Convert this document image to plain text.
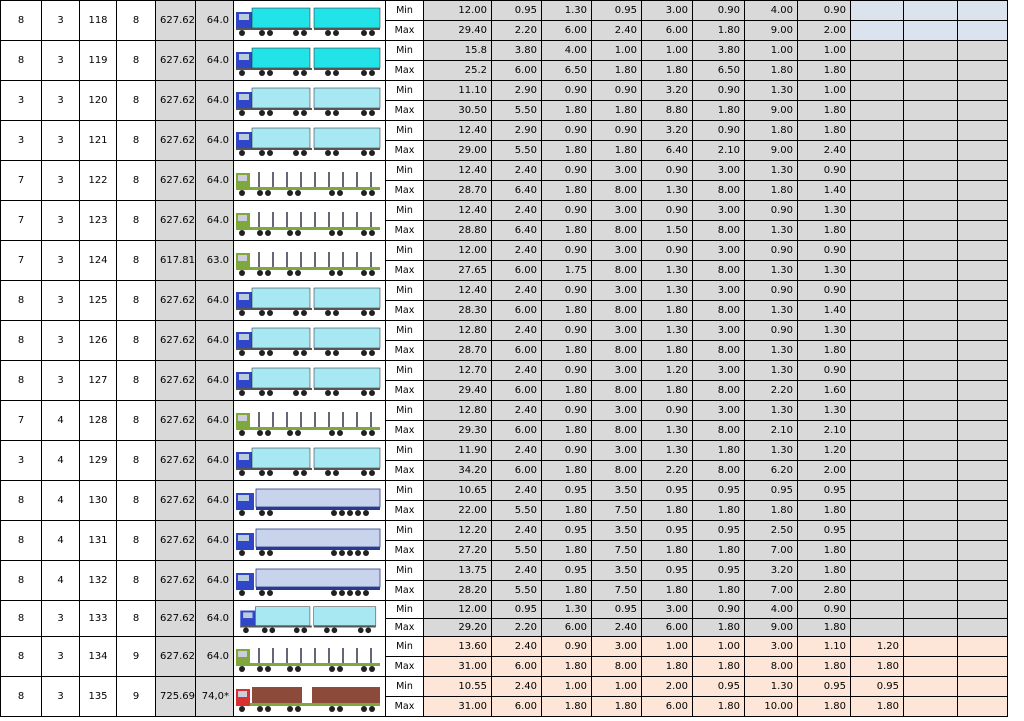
8	3	118	8	627.62	64.0		Min	12.00	0.95	1.30	0.95	3.00	0.90	4.00	0.90			
							Max	29.40	2.20	6.00	2.40	6.00	1.80	9.00	2.00			
8	3	119	8	627.62	64.0		Min	15.8	3.80	4.00	1.00	1.00	3.80	1.00	1.00			
							Max	25.2	6.00	6.50	1.80	1.80	6.50	1.80	1.80			
3	3	120	8	627.62	64.0		Min	11.10	2.90	0.90	0.90	3.20	0.90	1.30	1.00			
							Max	30.50	5.50	1.80	1.80	8.80	1.80	9.00	1.80			
3	3	121	8	627.62	64.0		Min	12.40	2.90	0.90	0.90	3.20	0.90	1.80	1.80			
							Max	29.00	5.50	1.80	1.80	6.40	2.10	9.00	2.40			
7	3	122	8	627.62	64.0		Min	12.40	2.40	0.90	3.00	0.90	3.00	1.30	0.90			
							Max	28.70	6.40	1.80	8.00	1.30	8.00	1.80	1.40			
7	3	123	8	627.62	64.0		Min	12.40	2.40	0.90	3.00	0.90	3.00	0.90	1.30			
							Max	28.80	6.40	1.80	8.00	1.50	8.00	1.30	1.80			
7	3	124	8	617.81	63.0		Min	12.00	2.40	0.90	3.00	0.90	3.00	0.90	0.90			
							Max	27.65	6.00	1.75	8.00	1.30	8.00	1.30	1.30			
8	3	125	8	627.62	64.0		Min	12.40	2.40	0.90	3.00	1.30	3.00	0.90	0.90			
							Max	28.30	6.00	1.80	8.00	1.80	8.00	1.30	1.40			
8	3	126	8	627.62	64.0		Min	12.80	2.40	0.90	3.00	1.30	3.00	0.90	1.30			
							Max	28.70	6.00	1.80	8.00	1.80	8.00	1.30	1.80			
8	3	127	8	627.62	64.0		Min	12.70	2.40	0.90	3.00	1.20	3.00	1.30	0.90			
							Max	29.40	6.00	1.80	8.00	1.80	8.00	2.20	1.60			
7	4	128	8	627.62	64.0		Min	12.80	2.40	0.90	3.00	0.90	3.00	1.30	1.30			
							Max	29.30	6.00	1.80	8.00	1.30	8.00	2.10	2.10			
3	4	129	8	627.62	64.0		Min	11.90	2.40	0.90	3.00	1.30	1.80	1.30	1.20			
							Max	34.20	6.00	1.80	8.00	2.20	8.00	6.20	2.00			
8	4	130	8	627.62	64.0		Min	10.65	2.40	0.95	3.50	0.95	0.95	0.95	0.95			
							Max	22.00	5.50	1.80	7.50	1.80	1.80	1.80	1.80			
8	4	131	8	627.62	64.0		Min	12.20	2.40	0.95	3.50	0.95	0.95	2.50	0.95			
							Max	27.20	5.50	1.80	7.50	1.80	1.80	7.00	1.80			
8	4	132	8	627.62	64.0		Min	13.75	2.40	0.95	3.50	0.95	0.95	3.20	1.80			
							Max	28.20	5.50	1.80	7.50	1.80	1.80	7.00	2.80			
8	3	133	8	627.62	64.0		Min	12.00	0.95	1.30	0.95	3.00	0.90	4.00	0.90			
							Max	29.20	2.20	6.00	2.40	6.00	1.80	9.00	1.80			
8	3	134	9	627.62	64.0		Min	13.60	2.40	0.90	3.00	1.00	1.00	3.00	1.10	1.20		
							Max	31.00	6.00	1.80	8.00	1.80	1.80	8.00	1.80	1.80		
8	3	135	9	725.69	74,0*		Min	10.55	2.40	1.00	1.00	2.00	0.95	1.30	0.95	0.95		
							Max	31.00	6.00	1.80	1.80	6.00	1.80	10.00	1.80	1.80		
